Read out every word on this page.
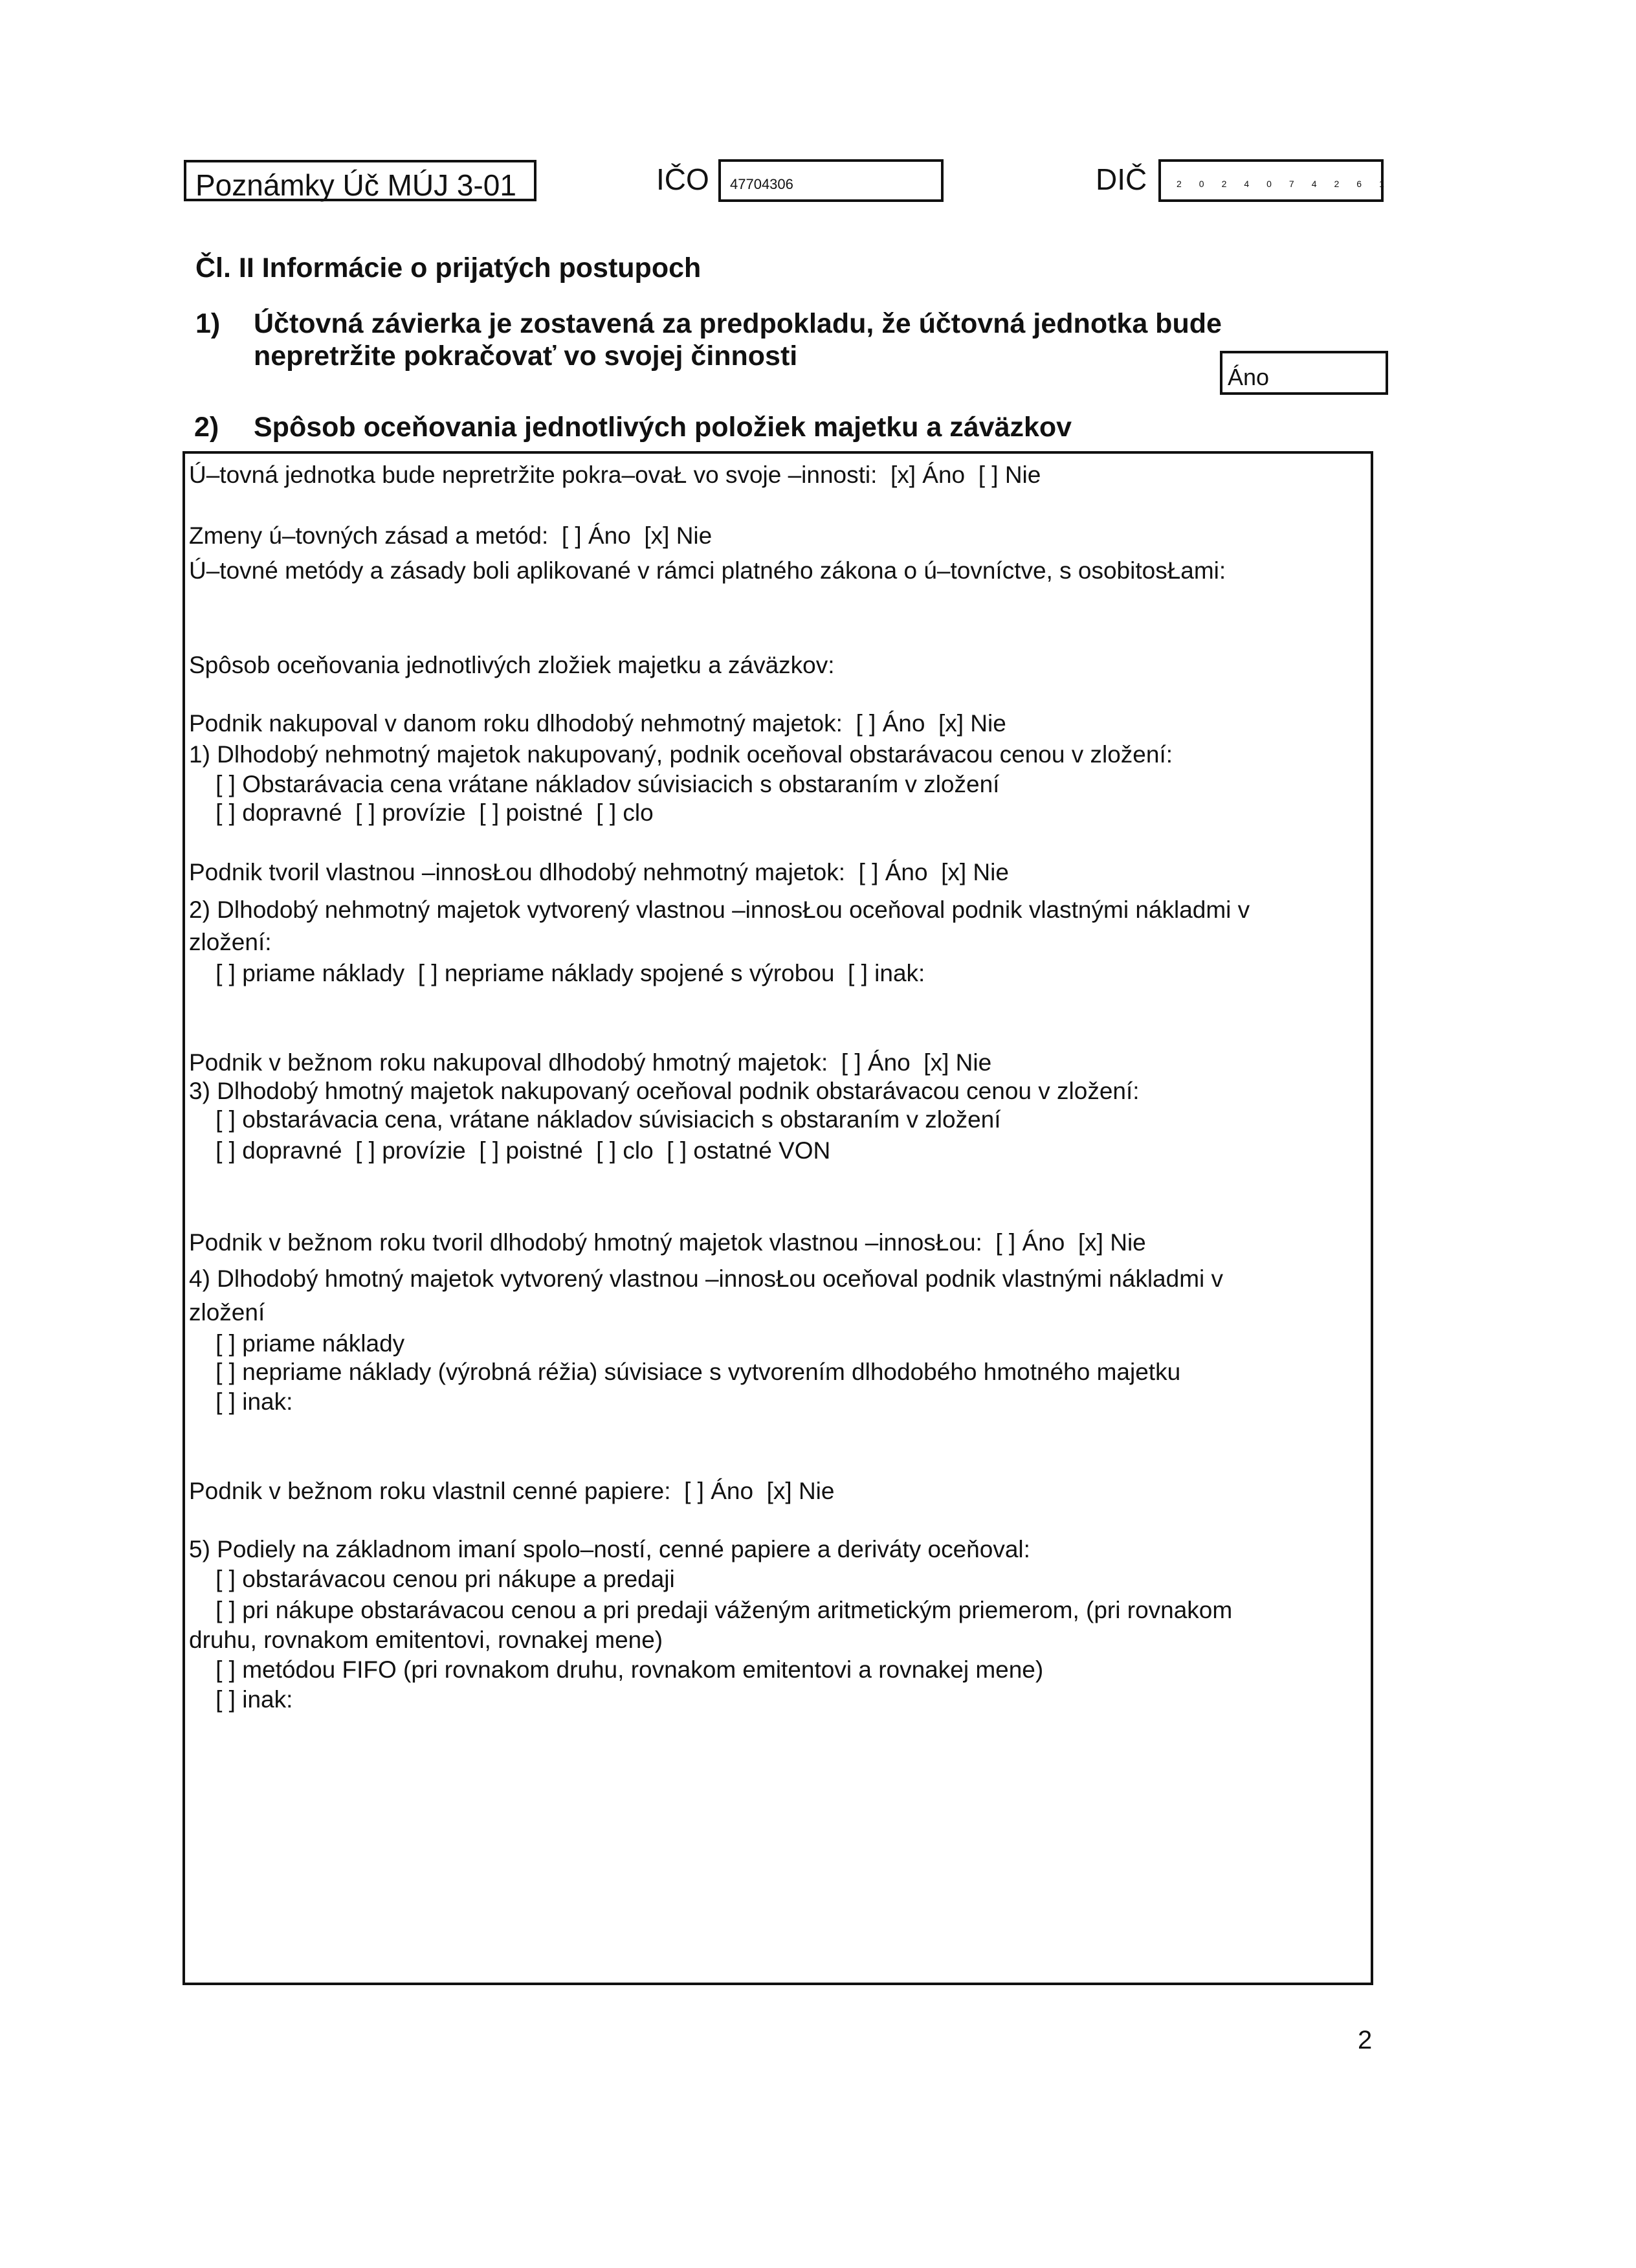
Poznámky Úč MÚJ 3-01	IČO 47704306	DIČ	2024074261
Čl. II Informácie o prijatých postupoch
1) Účtovná závierka je zostavená za predpokladu, že účtovná jednotka bude
nepretržite pokračovať vo svojej činnosti
Áno
2) Spôsob oceňovania jednotlivých položiek majetku a záväzkov
Ú–tovná jednotka bude nepretržite pokra–ovaŁ vo svoje –innosti:  [x] Áno  [ ] Nie
Zmeny ú–tovných zásad a metód:  [ ] Áno  [x] Nie
Ú–tovné metódy a zásady boli aplikované v rámci platného zákona o ú–tovníctve, s osobitosŁami:
Spôsob oceňovania jednotlivých zložiek majetku a záväzkov:
Podnik nakupoval v danom roku dlhodobý nehmotný majetok:  [ ] Áno  [x] Nie
1) Dlhodobý nehmotný majetok nakupovaný, podnik oceňoval obstarávacou cenou v zložení:
[ ] Obstarávacia cena vrátane nákladov súvisiacich s obstaraním v zložení
[ ] dopravné  [ ] provízie  [ ] poistné  [ ] clo
Podnik tvoril vlastnou –innosŁou dlhodobý nehmotný majetok:  [ ] Áno  [x] Nie
2) Dlhodobý nehmotný majetok vytvorený vlastnou –innosŁou oceňoval podnik vlastnými nákladmi v
zložení:
[ ] priame náklady  [ ] nepriame náklady spojené s výrobou  [ ] inak:
Podnik v bežnom roku nakupoval dlhodobý hmotný majetok:  [ ] Áno  [x] Nie
3) Dlhodobý hmotný majetok nakupovaný oceňoval podnik obstarávacou cenou v zložení:
[ ] obstarávacia cena, vrátane nákladov súvisiacich s obstaraním v zložení
[ ] dopravné  [ ] provízie  [ ] poistné  [ ] clo  [ ] ostatné VON
Podnik v bežnom roku tvoril dlhodobý hmotný majetok vlastnou –innosŁou:  [ ] Áno  [x] Nie
4) Dlhodobý hmotný majetok vytvorený vlastnou –innosŁou oceňoval podnik vlastnými nákladmi v
zložení
[ ] priame náklady
[ ] nepriame náklady (výrobná réžia) súvisiace s vytvorením dlhodobého hmotného majetku
[ ] inak:
Podnik v bežnom roku vlastnil cenné papiere:  [ ] Áno  [x] Nie
5) Podiely na základnom imaní spolo–ností, cenné papiere a deriváty oceňoval:
[ ] obstarávacou cenou pri nákupe a predaji
[ ] pri nákupe obstarávacou cenou a pri predaji váženým aritmetickým priemerom, (pri rovnakom
druhu, rovnakom emitentovi, rovnakej mene)
[ ] metódou FIFO (pri rovnakom druhu, rovnakom emitentovi a rovnakej mene)
[ ] inak:
2
